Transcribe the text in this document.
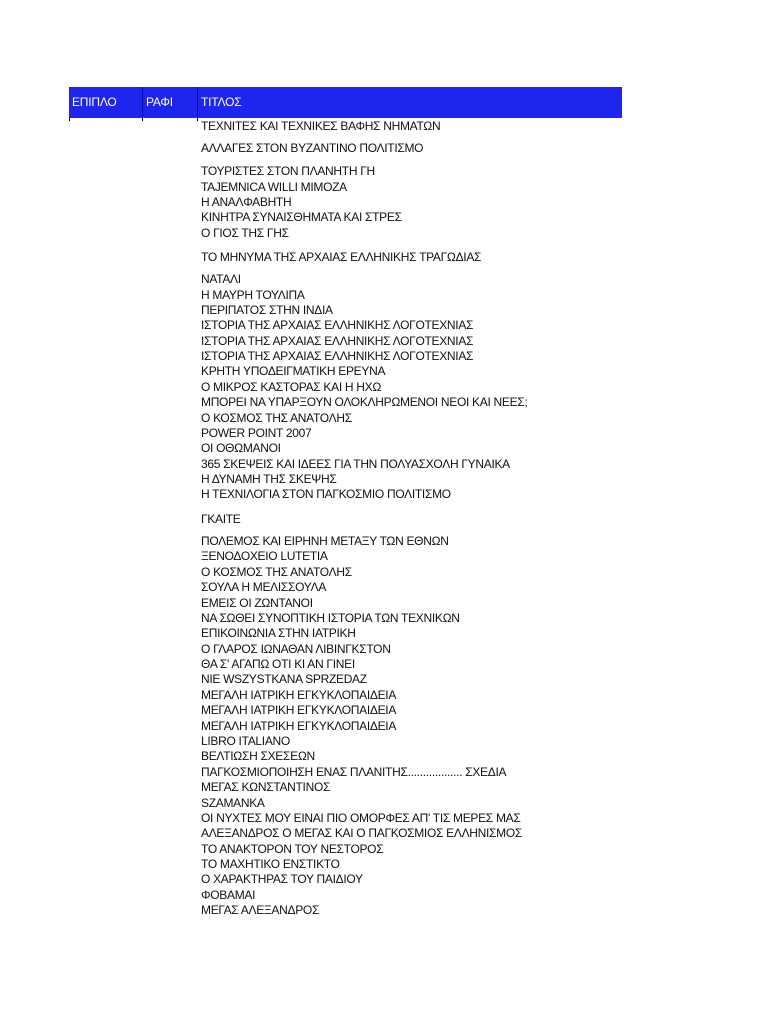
ΕΠΙΠΛΟ	ΡΑΦΙ	ΤΙΤΛΟΣ
ΤΕΧΝΙΤΕΣ ΚΑΙ ΤΕΧΝΙΚΕΣ ΒΑΦΗΣ ΝΗΜΑΤΩΝ
ΑΛΛΑΓΕΣ ΣΤΟΝ ΒΥΖΑΝΤΙΝΟ ΠΟΛΙΤΙΣΜΟ
ΤΟΥΡΙΣΤΕΣ ΣΤΟΝ ΠΛΑΝΗΤΗ ΓΗ
TAJEMNICA WILLI MIMOZA
Η ΑΝΑΛΦΑΒΗΤΗ
ΚΙΝΗΤΡΑ ΣΥΝΑΙΣΘΗΜΑΤΑ ΚΑΙ ΣΤΡΕΣ
Ο ΓΙΟΣ ΤΗΣ ΓΗΣ
ΤΟ ΜΗΝΥΜΑ ΤΗΣ ΑΡΧΑΙΑΣ ΕΛΛΗΝΙΚΗΣ ΤΡΑΓΩΔΙΑΣ
ΝΑΤΑΛΙ
Η ΜΑΥΡΗ ΤΟΥΛΙΠΑ
ΠΕΡΙΠΑΤΟΣ ΣΤΗΝ ΙΝΔΙΑ
ΙΣΤΟΡΙΑ ΤΗΣ ΑΡΧΑΙΑΣ ΕΛΛΗΝΙΚΗΣ ΛΟΓΟΤΕΧΝΙΑΣ
ΙΣΤΟΡΙΑ ΤΗΣ ΑΡΧΑΙΑΣ ΕΛΛΗΝΙΚΗΣ ΛΟΓΟΤΕΧΝΙΑΣ
ΙΣΤΟΡΙΑ ΤΗΣ ΑΡΧΑΙΑΣ ΕΛΛΗΝΙΚΗΣ ΛΟΓΟΤΕΧΝΙΑΣ
ΚΡΗΤΗ ΥΠΟΔΕΙΓΜΑΤΙΚΗ ΕΡΕΥΝΑ
Ο ΜΙΚΡΟΣ ΚΑΣΤΟΡΑΣ ΚΑΙ Η ΗΧΩ
ΜΠΟΡΕΙ ΝΑ ΥΠΑΡΞΟΥΝ ΟΛΟΚΛΗΡΩΜΕΝΟΙ ΝΕΟΙ ΚΑΙ ΝΕΕΣ;
Ο ΚΟΣΜΟΣ ΤΗΣ ΑΝΑΤΟΛΗΣ
POWER POINT 2007
ΟΙ ΟΘΩΜΑΝΟΙ
365 ΣΚΕΨΕΙΣ ΚΑΙ ΙΔΕΕΣ ΓΙΑ ΤΗΝ ΠΟΛΥΑΣΧΟΛΗ ΓΥΝΑΙΚΑ
Η ΔΥΝΑΜΗ ΤΗΣ ΣΚΕΨΗΣ
Η ΤΕΧΝΙΛΟΓΙΑ ΣΤΟΝ ΠΑΓΚΟΣΜΙΟ ΠΟΛΙΤΙΣΜΟ
ΓΚΑΙΤΕ
ΠΟΛΕΜΟΣ ΚΑΙ ΕΙΡΗΝΗ ΜΕΤΑΞΥ ΤΩΝ ΕΘΝΩΝ
ΞΕΝΟΔΟΧΕΙΟ LUTETIA
Ο ΚΟΣΜΟΣ ΤΗΣ ΑΝΑΤΟΛΗΣ
ΣΟΥΛΑ Η ΜΕΛΙΣΣΟΥΛΑ
ΕΜΕΙΣ ΟΙ ΖΩΝΤΑΝΟΙ
ΝΑ ΣΩΘΕΙ ΣΥΝΟΠΤΙΚΗ ΙΣΤΟΡΙΑ ΤΩΝ ΤΕΧΝΙΚΩΝ
ΕΠΙΚΟΙΝΩΝΙΑ ΣΤΗΝ ΙΑΤΡΙΚΗ
Ο ΓΛΑΡΟΣ ΙΩΝΑΘΑΝ ΛΙΒΙΝΓΚΣΤΟΝ
ΘΑ Σ' ΑΓΑΠΩ ΟΤΙ ΚΙ ΑΝ ΓΙΝΕΙ
NIE WSZYSTKANA SPRZEDAZ
ΜΕΓΑΛΗ ΙΑΤΡΙΚΗ ΕΓΚΥΚΛΟΠΑΙΔΕΙΑ
ΜΕΓΑΛΗ ΙΑΤΡΙΚΗ ΕΓΚΥΚΛΟΠΑΙΔΕΙΑ
ΜΕΓΑΛΗ ΙΑΤΡΙΚΗ ΕΓΚΥΚΛΟΠΑΙΔΕΙΑ
LIBRO ITALIANO
ΒΕΛΤΙΩΣΗ ΣΧΕΣΕΩΝ
ΠΑΓΚΟΣΜΙΟΠΟΙΗΣΗ ΕΝΑΣ ΠΛΑΝΙΤΗΣ.................. ΣΧΕΔΙΑ
ΜΕΓΑΣ ΚΩΝΣΤΑΝΤΙΝΟΣ
SZAMANKA
ΟΙ ΝΥΧΤΕΣ ΜΟΥ ΕΙΝΑΙ ΠΙΟ ΟΜΟΡΦΕΣ ΑΠ' ΤΙΣ ΜΕΡΕΣ ΜΑΣ
ΑΛΕΞΑΝΔΡΟΣ Ο ΜΕΓΑΣ ΚΑΙ Ο ΠΑΓΚΟΣΜΙΟΣ ΕΛΛΗΝΙΣΜΟΣ
ΤΟ ΑΝΑΚΤΟΡΟΝ ΤΟΥ ΝΕΣΤΟΡΟΣ
ΤΟ ΜΑΧΗΤΙΚΟ ΕΝΣΤΙΚΤΟ
Ο ΧΑΡΑΚΤΗΡΑΣ ΤΟΥ ΠΑΙΔΙΟΥ
ΦΟΒΑΜΑΙ
ΜΕΓΑΣ ΑΛΕΞΑΝΔΡΟΣ
